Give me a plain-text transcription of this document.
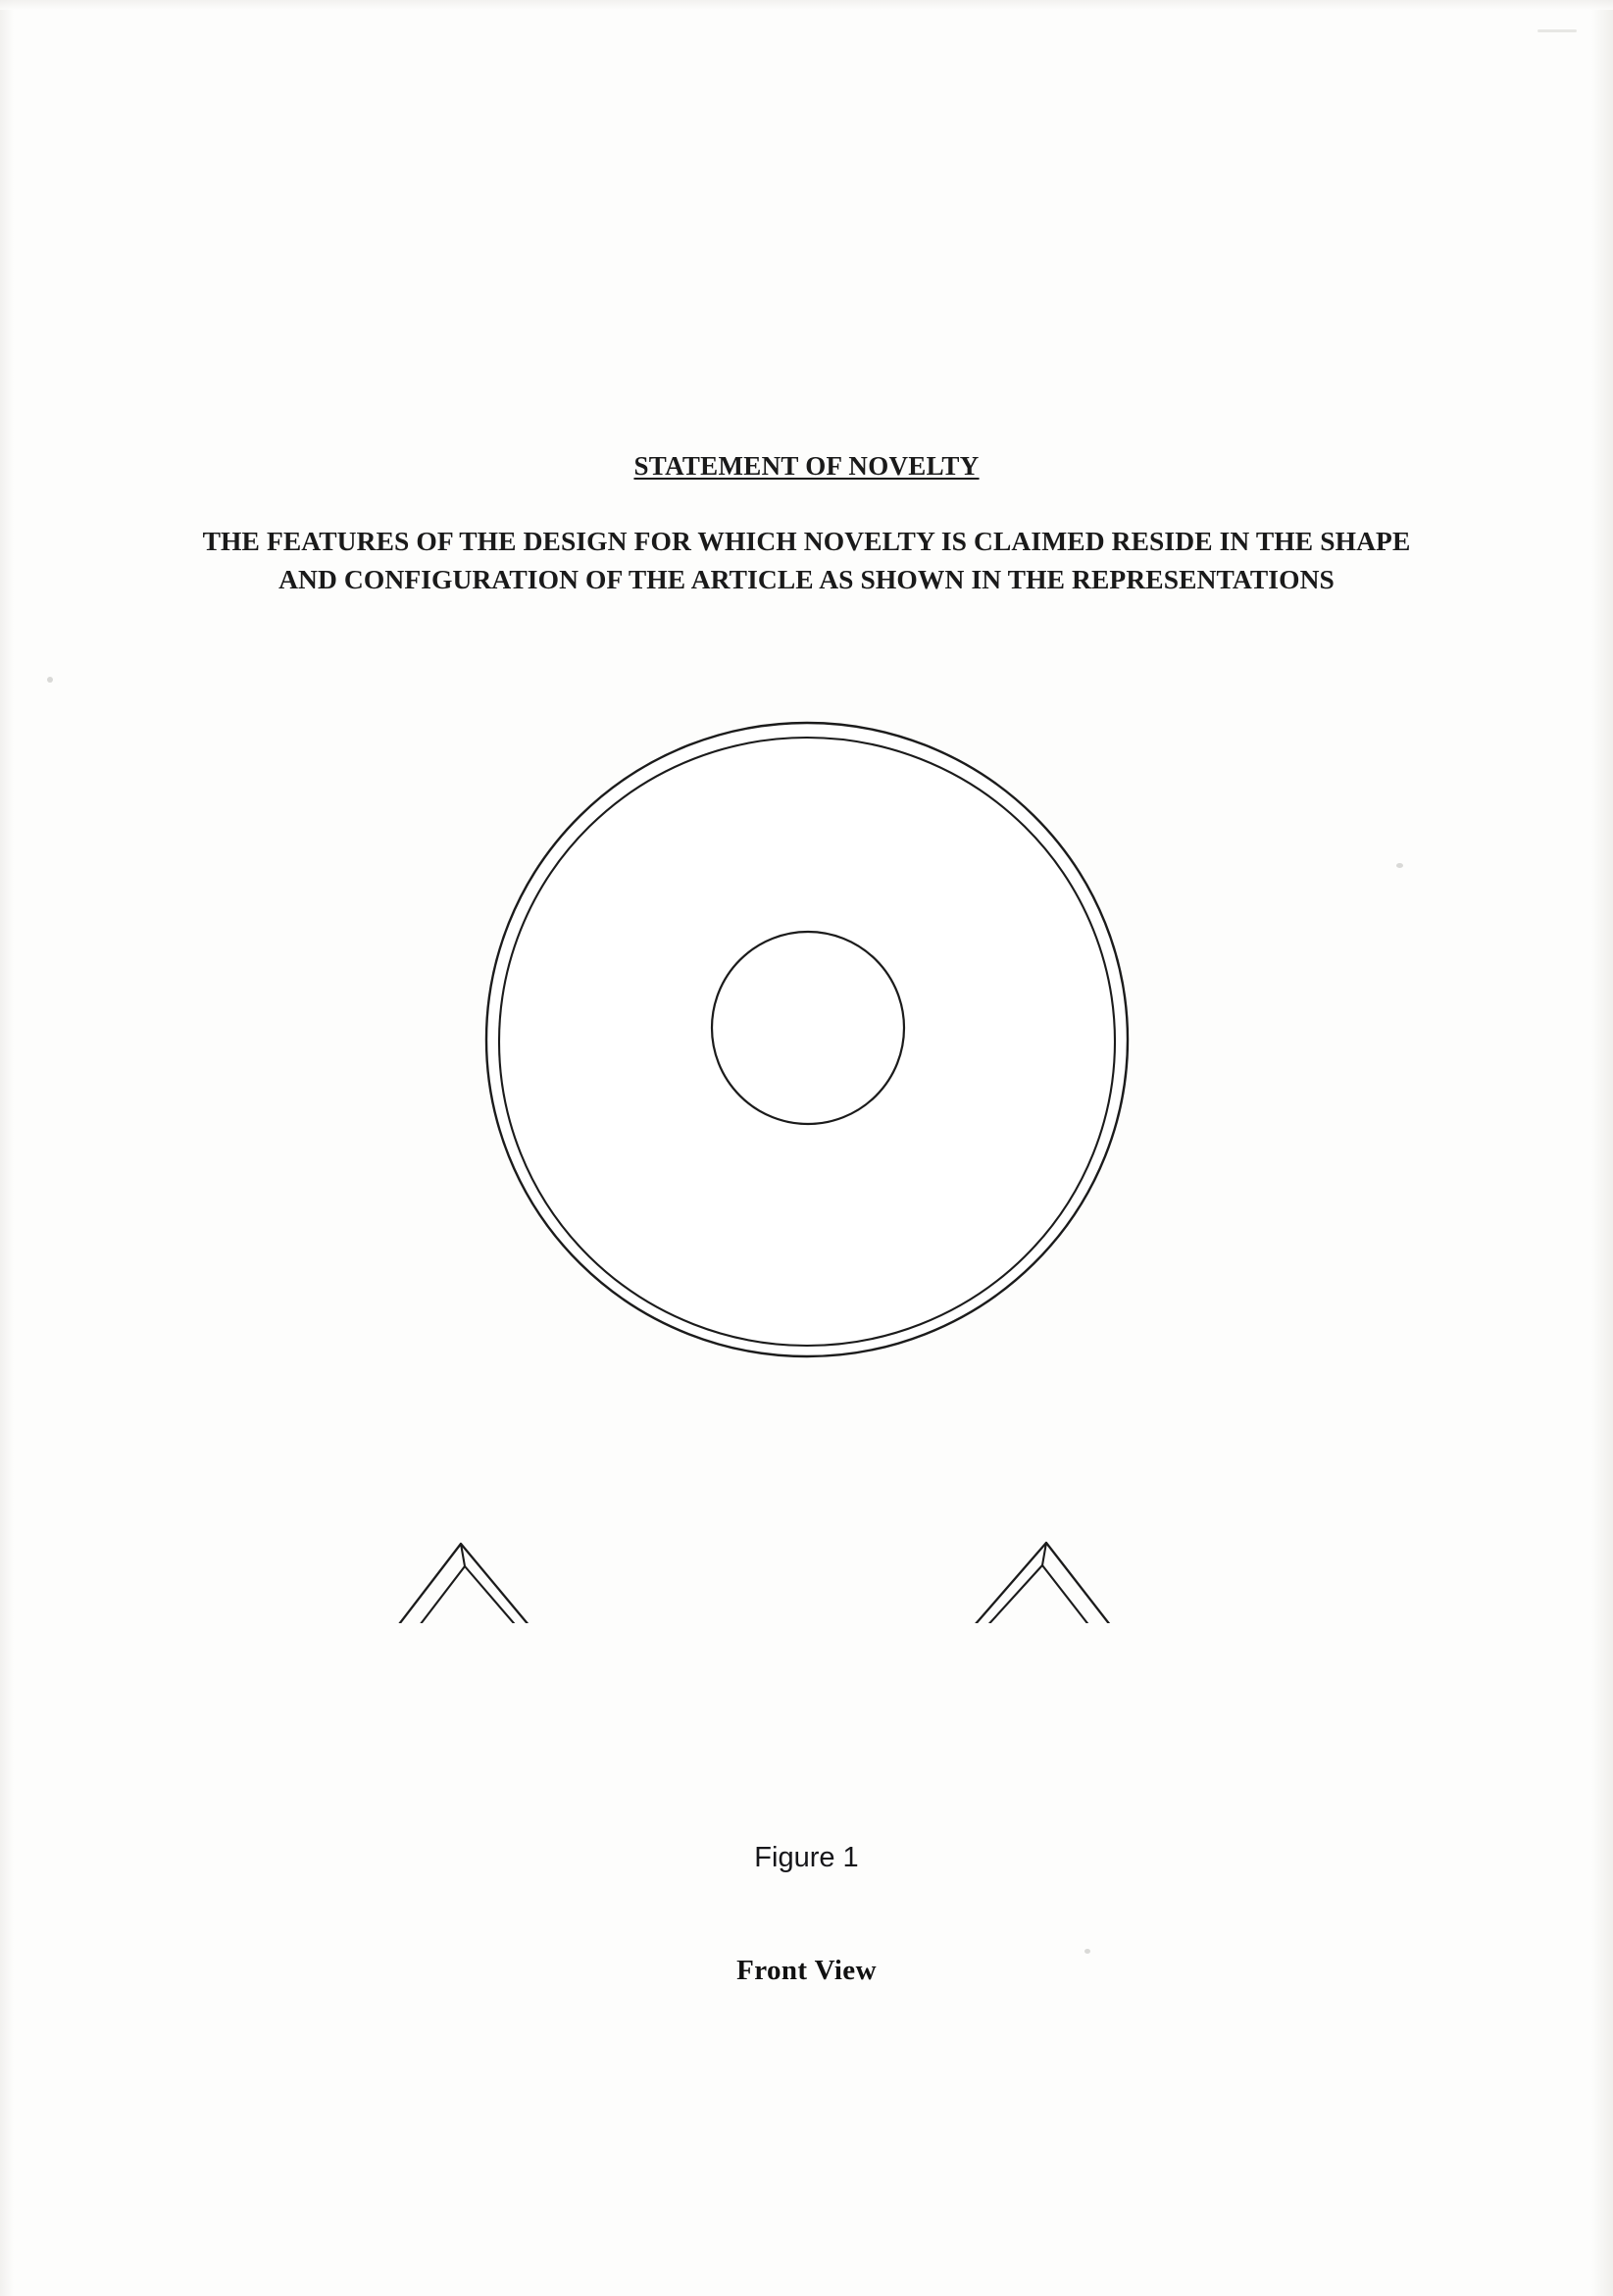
STATEMENT OF NOVELTY
THE FEATURES OF THE DESIGN FOR WHICH NOVELTY IS CLAIMED RESIDE IN THE SHAPE
AND CONFIGURATION OF THE ARTICLE AS SHOWN IN THE REPRESENTATIONS
Figure 1
Front View
